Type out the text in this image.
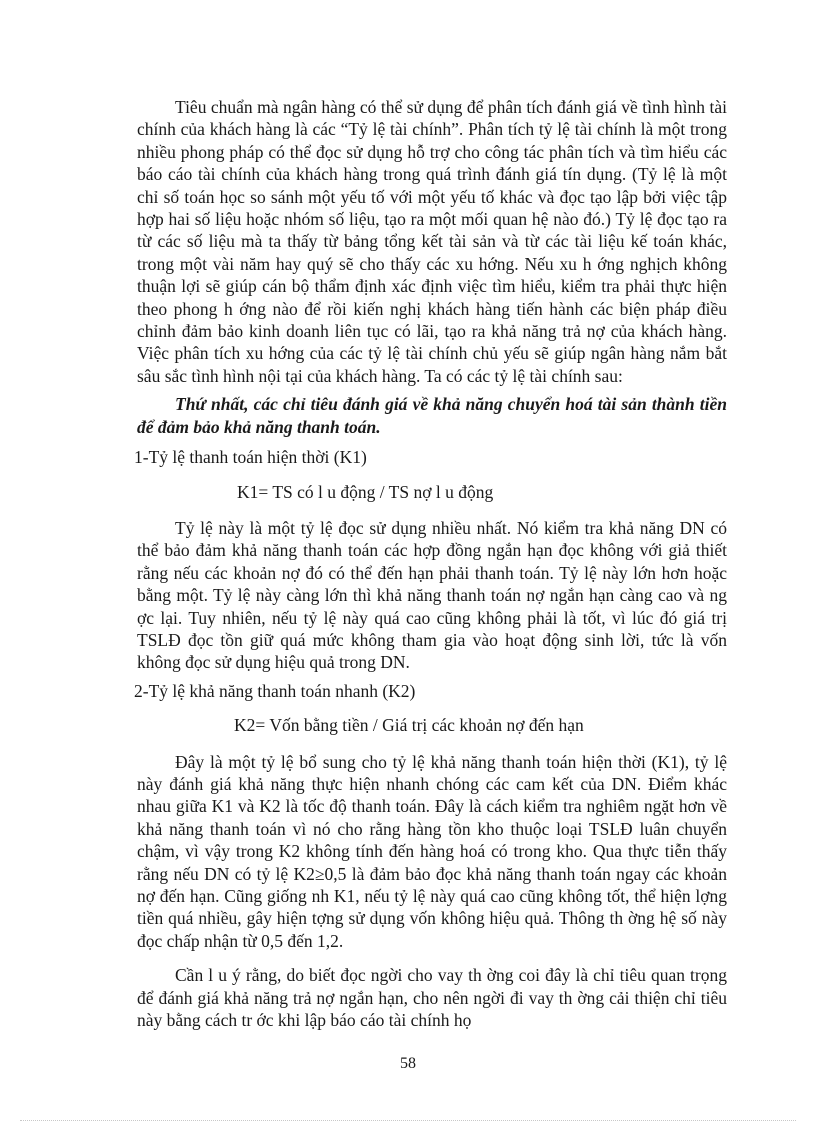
Tiêu chuẩn mà ngân hàng có thể sử dụng để phân tích đánh giá về tình hình tài chính của khách hàng là các “Tỷ lệ tài chính”. Phân tích tỷ lệ tài chính là một trong nhiều phong pháp có thể đọc sử dụng hỗ trợ cho công tác phân tích và tìm hiểu các báo cáo tài chính của khách hàng trong quá trình đánh giá tín dụng. (Tỷ lệ là một chỉ số toán học so sánh một yếu tố với một yếu tố khác và đọc tạo lập bởi việc tập hợp hai số liệu hoặc nhóm số liệu, tạo ra một mối quan hệ nào đó.) Tỷ lệ đọc tạo ra từ các số liệu mà ta thấy từ bảng tổng kết tài sản và từ các tài liệu kế toán khác, trong một vài năm hay quý sẽ cho thấy các xu hớng. Nếu xu h ớng nghịch không thuận lợi sẽ giúp cán bộ thẩm định xác định việc tìm hiểu, kiểm tra phải thực hiện theo phong h ớng nào để rồi kiến nghị khách hàng tiến hành các biện pháp điều chỉnh đảm bảo kinh doanh liên tục có lãi, tạo ra khả năng trả nợ của khách hàng. Việc phân tích xu hớng của các tỷ lệ tài chính chủ yếu sẽ giúp ngân hàng nắm bắt sâu sắc tình hình nội tại của khách hàng. Ta có các tỷ lệ tài chính sau:

Thứ nhất, các chỉ tiêu đánh giá về khả năng chuyển hoá tài sản thành tiền để đảm bảo khả năng thanh toán.

1-Tỷ lệ thanh toán hiện thời (K1)

K1= TS có l u động / TS nợ l u động

Tỷ lệ này là một tỷ lệ đọc sử dụng nhiều nhất. Nó kiểm tra khả năng DN có thể bảo đảm khả năng thanh toán các hợp đồng ngắn hạn đọc không với giả thiết rằng nếu các khoản nợ đó có thể đến hạn phải thanh toán. Tỷ lệ này lớn hơn hoặc bằng một. Tỷ lệ này càng lớn thì khả năng thanh toán nợ ngắn hạn càng cao và ng ợc lại. Tuy nhiên, nếu tỷ lệ này quá cao cũng không phải là tốt, vì lúc đó giá trị TSLĐ đọc tồn giữ quá mức không tham gia vào hoạt động sinh lời, tức là vốn không đọc sử dụng hiệu quả trong DN.

2-Tỷ lệ khả năng thanh toán nhanh (K2)

K2= Vốn bằng tiền / Giá trị các khoản nợ đến hạn

Đây là một tỷ lệ bổ sung cho tỷ lệ khả năng thanh toán hiện thời (K1), tỷ lệ này đánh giá khả năng thực hiện nhanh chóng các cam kết của DN. Điểm khác nhau giữa K1 và K2 là tốc độ thanh toán. Đây là cách kiểm tra nghiêm ngặt hơn về khả năng thanh toán vì nó cho rằng hàng tồn kho thuộc loại TSLĐ luân chuyển chậm, vì vậy trong K2 không tính đến hàng hoá có trong kho. Qua thực tiễn thấy rằng nếu DN có tỷ lệ K2≥0,5 là đảm bảo đọc khả năng thanh toán ngay các khoản nợ đến hạn. Cũng giống nh K1, nếu tỷ lệ này quá cao cũng không tốt, thể hiện lợng tiền quá nhiều, gây hiện tợng sử dụng vốn không hiệu quả. Thông th ờng hệ số này đọc chấp nhận từ 0,5 đến 1,2.

Cần l u ý rằng, do biết đọc ngời cho vay th ờng coi đây là chỉ tiêu quan trọng để đánh giá khả năng trả nợ ngắn hạn, cho nên ngời đi vay th ờng cải thiện chỉ tiêu này bằng cách tr ớc khi lập báo cáo tài chính họ

58
